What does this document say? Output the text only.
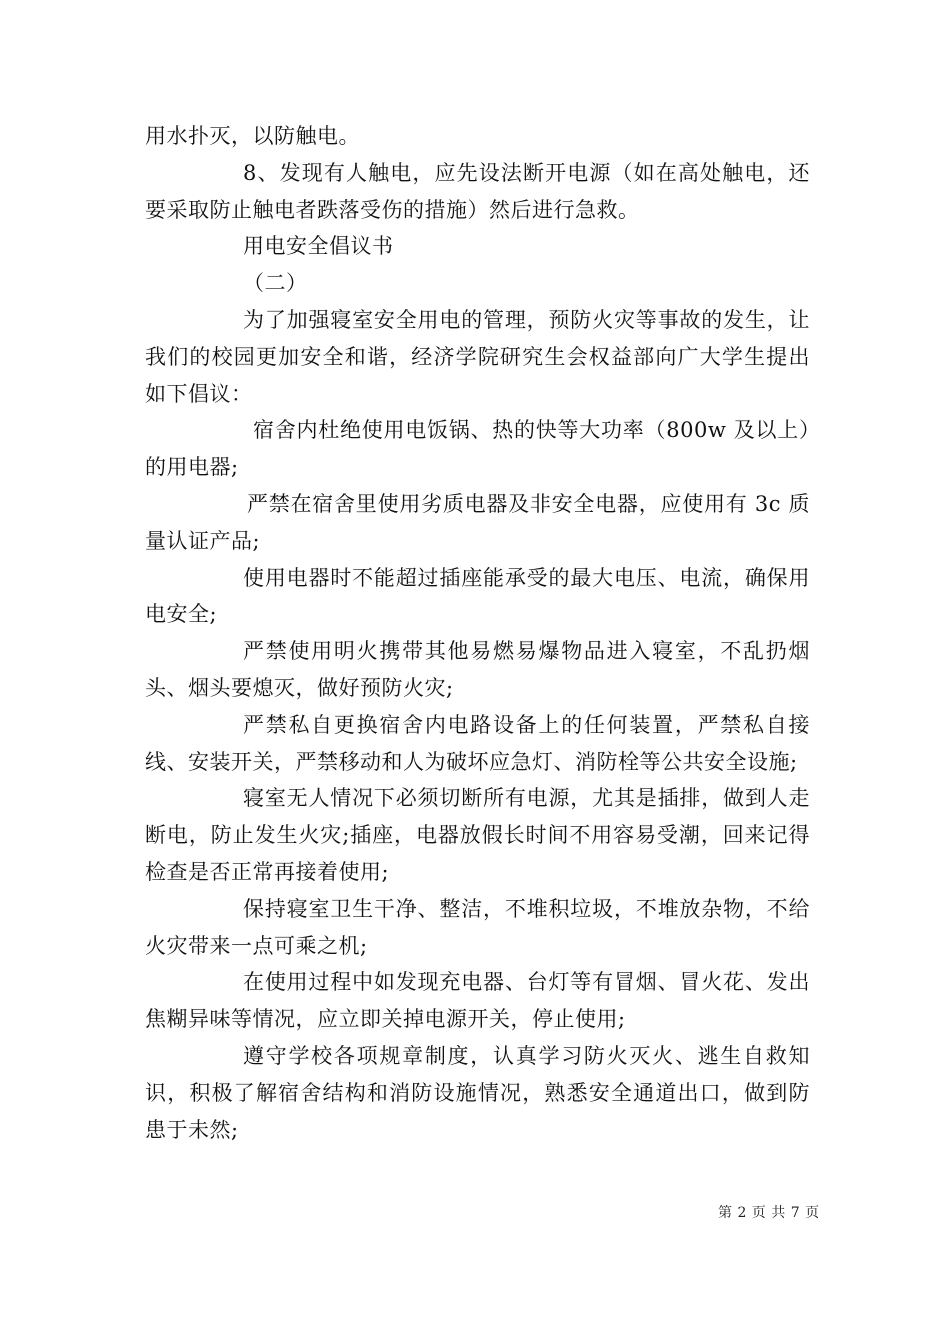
用水扑灭，以防触电。

8、发现有人触电，应先设法断开电源（如在高处触电，还要采取防止触电者跌落受伤的措施）然后进行急救。

用电安全倡议书

（二）

为了加强寝室安全用电的管理，预防火灾等事故的发生，让我们的校园更加安全和谐，经济学院研究生会权益部向广大学生提出如下倡议：

宿舍内杜绝使用电饭锅、热的快等大功率（800w 及以上）的用电器;

严禁在宿舍里使用劣质电器及非安全电器，应使用有 3c 质量认证产品;

使用电器时不能超过插座能承受的最大电压、电流，确保用电安全;

严禁使用明火携带其他易燃易爆物品进入寝室，不乱扔烟头、烟头要熄灭，做好预防火灾;

严禁私自更换宿舍内电路设备上的任何装置，严禁私自接线、安装开关，严禁移动和人为破坏应急灯、消防栓等公共安全设施;

寝室无人情况下必须切断所有电源，尤其是插排，做到人走断电，防止发生火灾;插座，电器放假长时间不用容易受潮，回来记得检查是否正常再接着使用;

保持寝室卫生干净、整洁，不堆积垃圾，不堆放杂物，不给火灾带来一点可乘之机;

在使用过程中如发现充电器、台灯等有冒烟、冒火花、发出焦糊异味等情况，应立即关掉电源开关，停止使用;

遵守学校各项规章制度，认真学习防火灭火、逃生自救知识，积极了解宿舍结构和消防设施情况，熟悉安全通道出口，做到防患于未然;

第 2 页 共 7 页
